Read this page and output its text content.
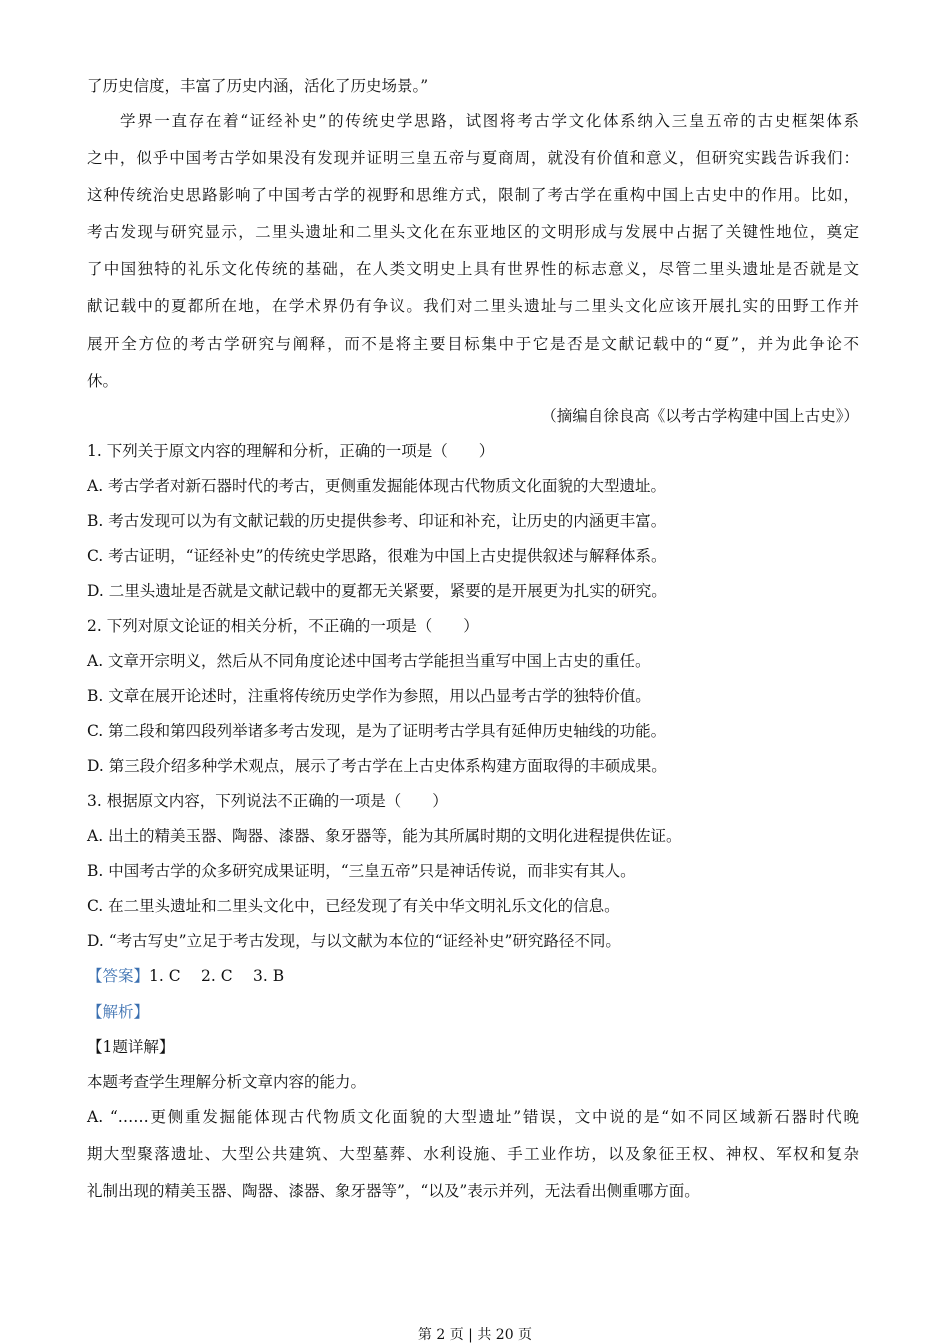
了历史信度，丰富了历史内涵，活化了历史场景。”
学界一直存在着“证经补史”的传统史学思路，试图将考古学文化体系纳入三皇五帝的古史框架体系
之中，似乎中国考古学如果没有发现并证明三皇五帝与夏商周，就没有价值和意义，但研究实践告诉我们：
这种传统治史思路影响了中国考古学的视野和思维方式，限制了考古学在重构中国上古史中的作用。比如，
考古发现与研究显示，二里头遗址和二里头文化在东亚地区的文明形成与发展中占据了关键性地位，奠定
了中国独特的礼乐文化传统的基础，在人类文明史上具有世界性的标志意义，尽管二里头遗址是否就是文
献记载中的夏都所在地，在学术界仍有争议。我们对二里头遗址与二里头文化应该开展扎实的田野工作并
展开全方位的考古学研究与阐释，而不是将主要目标集中于它是否是文献记载中的“夏”，并为此争论不
休。
（摘编自徐良高《以考古学构建中国上古史》）
1. 下列关于原文内容的理解和分析，正确的一项是（　　）
A. 考古学者对新石器时代的考古，更侧重发掘能体现古代物质文化面貌的大型遗址。
B. 考古发现可以为有文献记载的历史提供参考、印证和补充，让历史的内涵更丰富。
C. 考古证明，“证经补史”的传统史学思路，很难为中国上古史提供叙述与解释体系。
D. 二里头遗址是否就是文献记载中的夏都无关紧要，紧要的是开展更为扎实的研究。
2. 下列对原文论证的相关分析，不正确的一项是（　　）
A. 文章开宗明义，然后从不同角度论述中国考古学能担当重写中国上古史的重任。
B. 文章在展开论述时，注重将传统历史学作为参照，用以凸显考古学的独特价值。
C. 第二段和第四段列举诸多考古发现，是为了证明考古学具有延伸历史轴线的功能。
D. 第三段介绍多种学术观点，展示了考古学在上古史体系构建方面取得的丰硕成果。
3. 根据原文内容，下列说法不正确的一项是（　　）
A. 出土的精美玉器、陶器、漆器、象牙器等，能为其所属时期的文明化进程提供佐证。
B. 中国考古学的众多研究成果证明，“三皇五帝”只是神话传说，而非实有其人。
C. 在二里头遗址和二里头文化中，已经发现了有关中华文明礼乐文化的信息。
D. “考古写史”立足于考古发现，与以文献为本位的“证经补史”研究路径不同。
【答案】1. C　 2. C　 3. B
【解析】
【1题详解】
本题考查学生理解分析文章内容的能力。
A. “……更侧重发掘能体现古代物质文化面貌的大型遗址”错误，文中说的是“如不同区域新石器时代晚
期大型聚落遗址、大型公共建筑、大型墓葬、水利设施、手工业作坊，以及象征王权、神权、军权和复杂
礼制出现的精美玉器、陶器、漆器、象牙器等”，“以及”表示并列，无法看出侧重哪方面。
第 2 页 | 共 20 页
